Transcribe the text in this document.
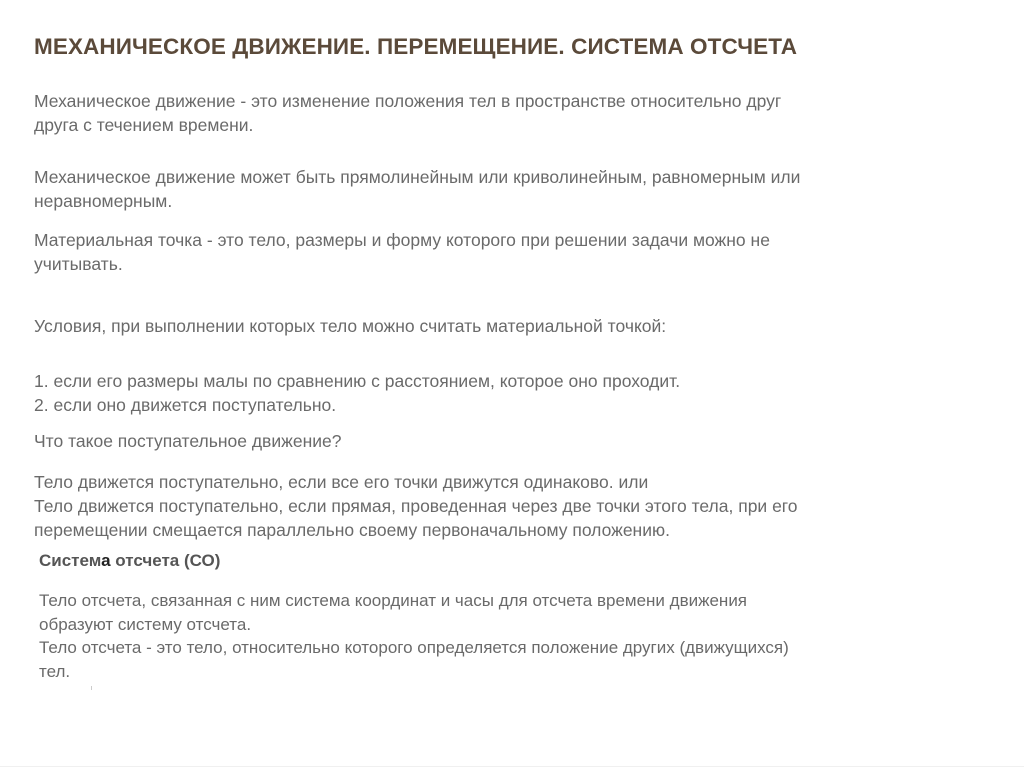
МЕХАНИЧЕСКОЕ ДВИЖЕНИЕ. ПЕРЕМЕЩЕНИЕ. СИСТЕМА ОТСЧЕТА
Механическое движение - это изменение положения тел в пространстве относительно друг
друга с течением времени.
Механическое движение может быть прямолинейным или криволинейным, равномерным или
неравномерным.
Материальная точка - это тело, размеры и форму которого при решении задачи можно не
учитывать.
Условия, при выполнении которых тело можно считать материальной точкой:
1. если его размеры малы по сравнению с расстоянием, которое оно проходит.
2. если оно движется поступательно.
Что такое поступательное движение?
Тело движется поступательно, если все его точки движутся одинаково. или
Тело движется поступательно, если прямая, проведенная через две точки этого тела, при его
перемещении смещается параллельно своему первоначальному положению.
Система отсчета (СО)
Тело отсчета, связанная с ним система координат и часы для отсчета времени движения
образуют систему отсчета.
Тело отсчета - это тело, относительно которого определяется положение других (движущихся)
тел.
